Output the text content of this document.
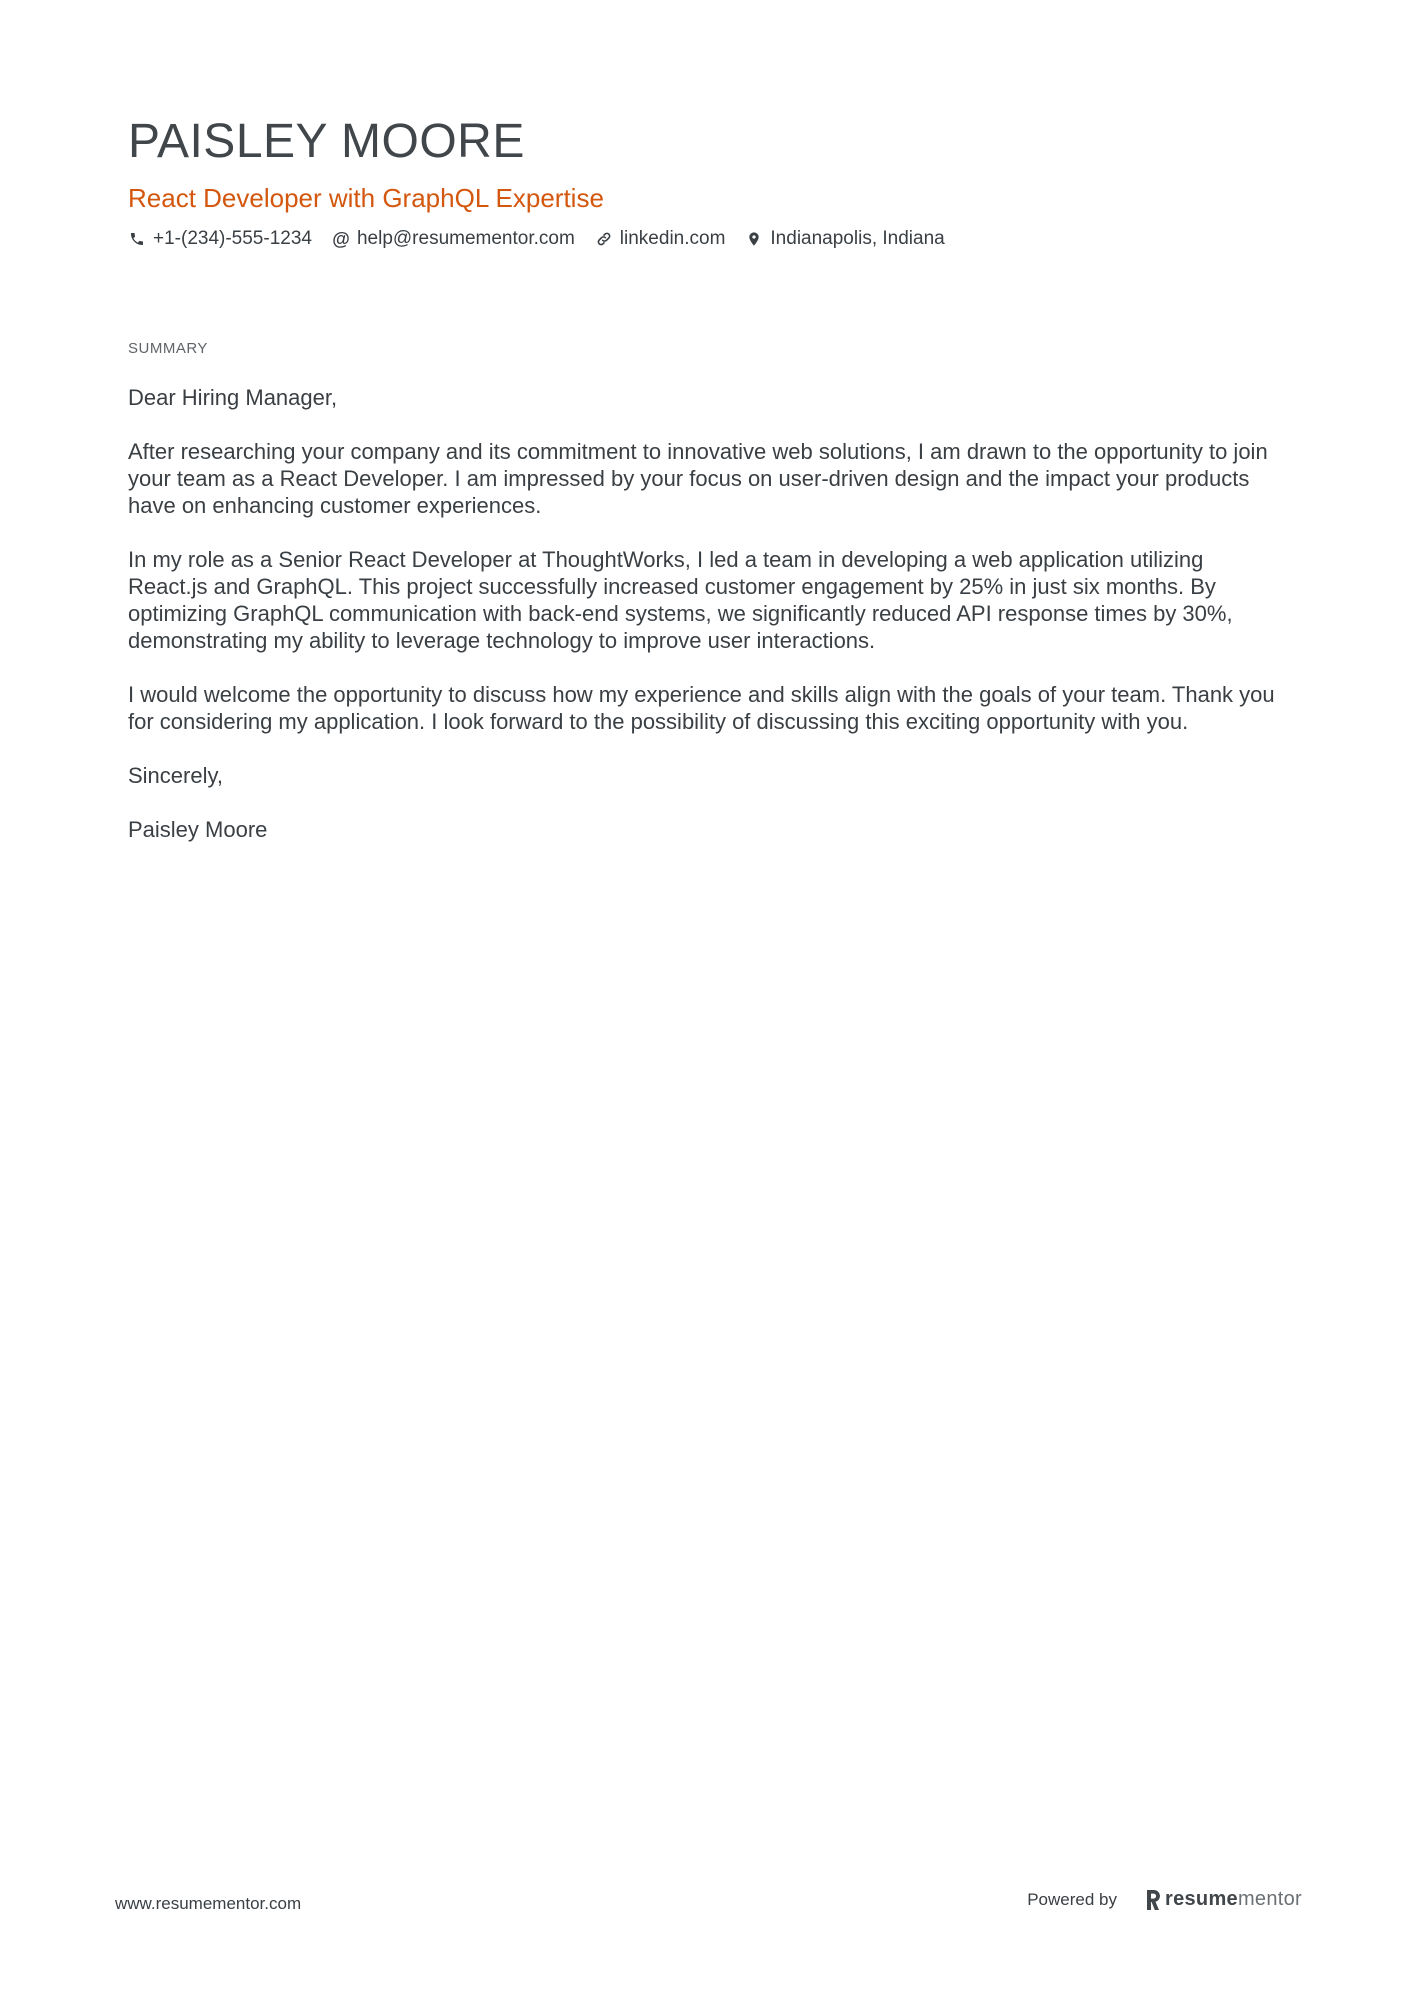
PAISLEY MOORE
React Developer with GraphQL Expertise
+1-(234)-555-1234 @ help@resumementor.com linkedin.com Indianapolis, Indiana
SUMMARY

Dear Hiring Manager,

After researching your company and its commitment to innovative web solutions, I am drawn to the opportunity to join your team as a React Developer. I am impressed by your focus on user-driven design and the impact your products have on enhancing customer experiences.

In my role as a Senior React Developer at ThoughtWorks, I led a team in developing a web application utilizing React.js and GraphQL. This project successfully increased customer engagement by 25% in just six months. By optimizing GraphQL communication with back-end systems, we significantly reduced API response times by 30%, demonstrating my ability to leverage technology to improve user interactions.

I would welcome the opportunity to discuss how my experience and skills align with the goals of your team. Thank you for considering my application. I look forward to the possibility of discussing this exciting opportunity with you.

Sincerely,

Paisley Moore

www.resumementor.com	Powered by resumementor
